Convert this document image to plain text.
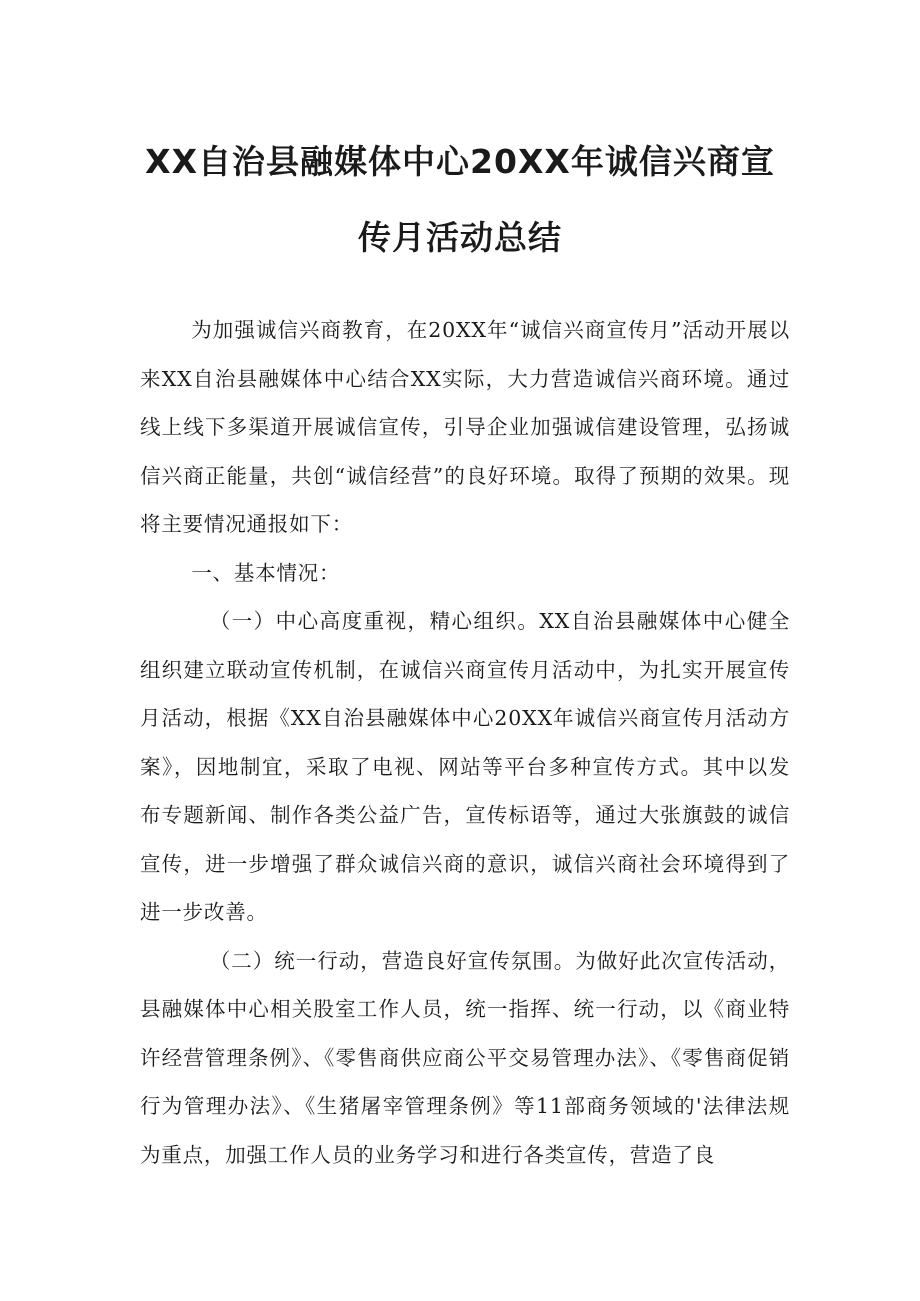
XX自治县融媒体中心20XX年诚信兴商宣
传月活动总结

为加强诚信兴商教育，在20XX年“诚信兴商宣传月”活动开展以来XX自治县融媒体中心结合XX实际，大力营造诚信兴商环境。通过线上线下多渠道开展诚信宣传，引导企业加强诚信建设管理，弘扬诚信兴商正能量，共创“诚信经营”的良好环境。取得了预期的效果。现将主要情况通报如下：

一、基本情况：

（一）中心高度重视，精心组织。XX自治县融媒体中心健全组织建立联动宣传机制，在诚信兴商宣传月活动中，为扎实开展宣传月活动，根据《XX自治县融媒体中心20XX年诚信兴商宣传月活动方案》，因地制宜，采取了电视、网站等平台多种宣传方式。其中以发布专题新闻、制作各类公益广告，宣传标语等，通过大张旗鼓的诚信宣传，进一步增强了群众诚信兴商的意识，诚信兴商社会环境得到了进一步改善。

（二）统一行动，营造良好宣传氛围。为做好此次宣传活动，县融媒体中心相关股室工作人员，统一指挥、统一行动，以《商业特许经营管理条例》、《零售商供应商公平交易管理办法》、《零售商促销行为管理办法》、《生猪屠宰管理条例》等11部商务领域的'法律法规为重点，加强工作人员的业务学习和进行各类宣传，营造了良
